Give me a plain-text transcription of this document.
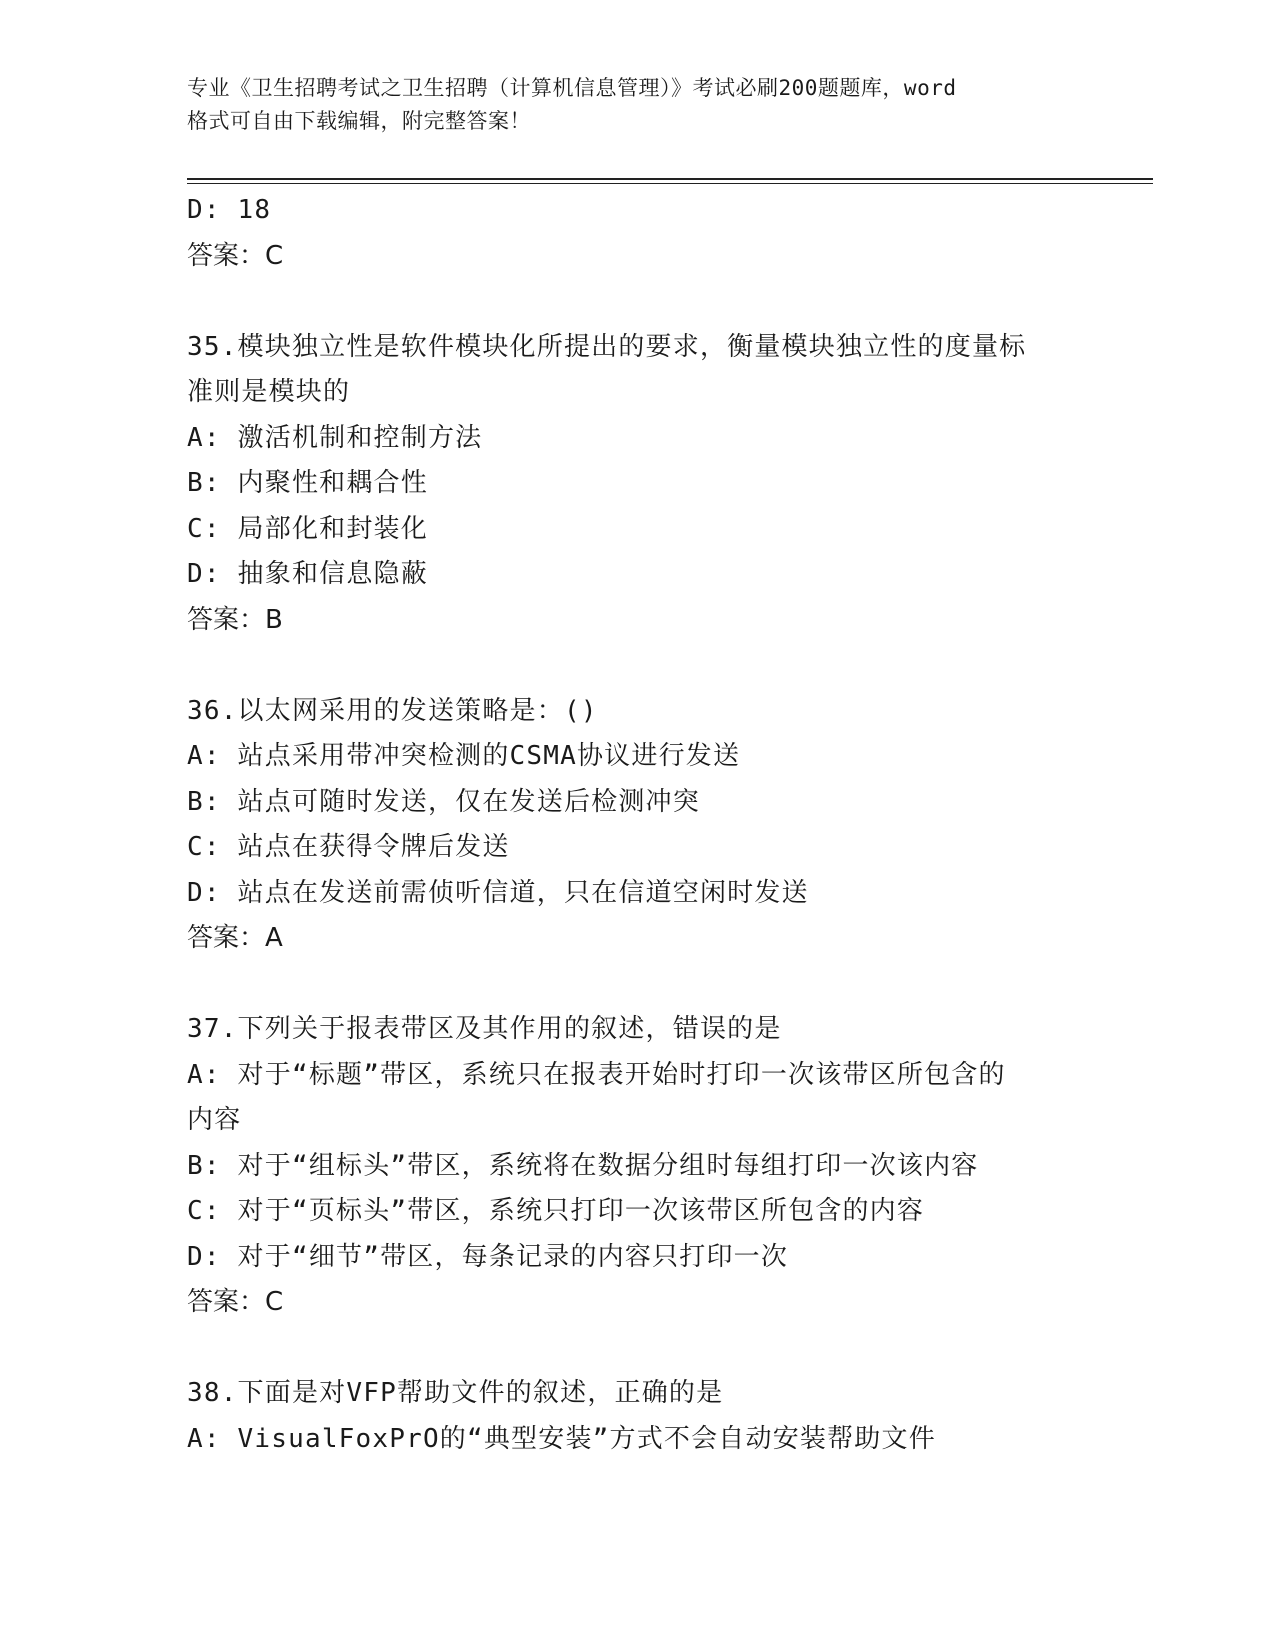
专业《卫生招聘考试之卫生招聘（计算机信息管理）》考试必刷200题题库，word
格式可自由下载编辑，附完整答案！
D: 18
答案：C
35.模块独立性是软件模块化所提出的要求，衡量模块独立性的度量标
准则是模块的
A: 激活机制和控制方法
B: 内聚性和耦合性
C: 局部化和封装化
D: 抽象和信息隐蔽
答案：B
36.以太网采用的发送策略是：()
A: 站点采用带冲突检测的CSMA协议进行发送
B: 站点可随时发送，仅在发送后检测冲突
C: 站点在获得令牌后发送
D: 站点在发送前需侦听信道，只在信道空闲时发送
答案：A
37.下列关于报表带区及其作用的叙述，错误的是
A: 对于“标题”带区，系统只在报表开始时打印一次该带区所包含的
内容
B: 对于“组标头”带区，系统将在数据分组时每组打印一次该内容
C: 对于“页标头”带区，系统只打印一次该带区所包含的内容
D: 对于“细节”带区，每条记录的内容只打印一次
答案：C
38.下面是对VFP帮助文件的叙述，正确的是
A: VisualFoxPrO的“典型安装”方式不会自动安装帮助文件
